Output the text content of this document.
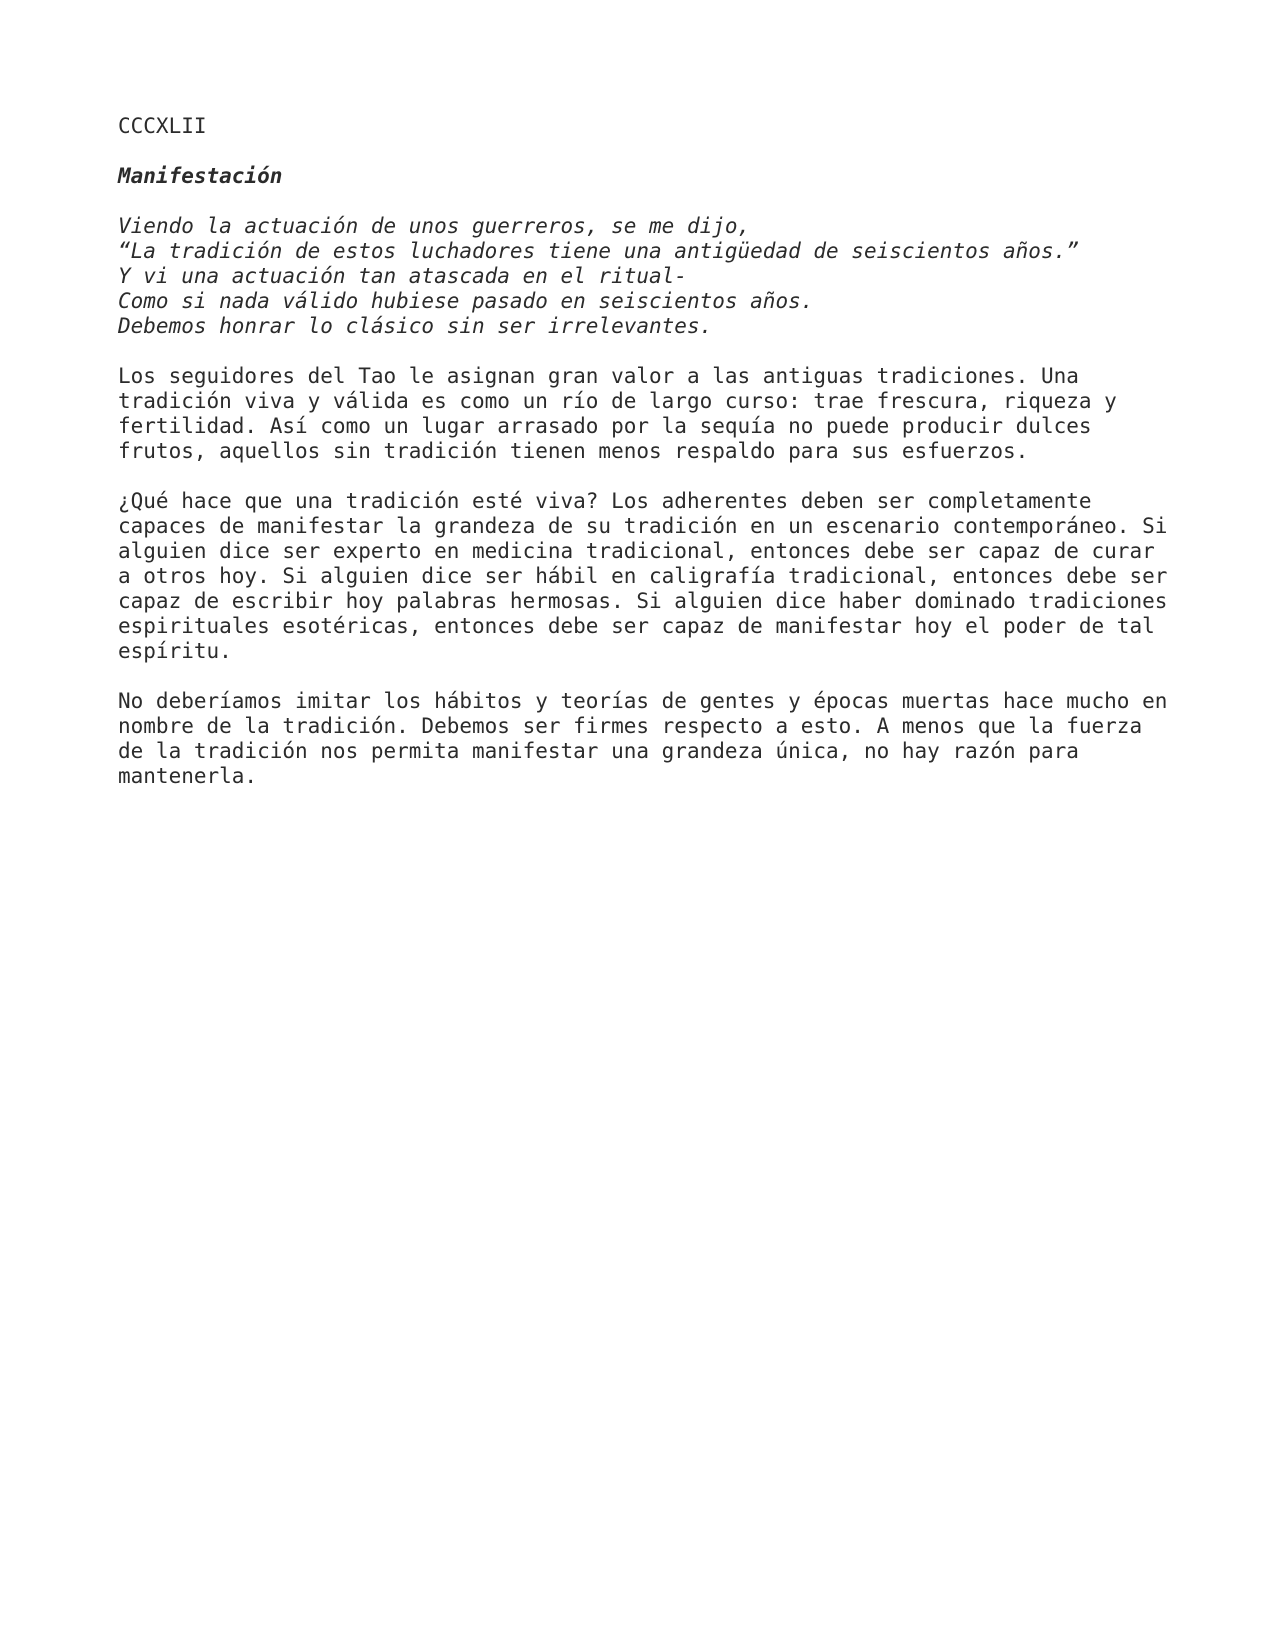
CCCXLII
Manifestación
Viendo la actuación de unos guerreros, se me dijo,
“La tradición de estos luchadores tiene una antigüedad de seiscientos años.”
Y vi una actuación tan atascada en el ritual-
Como si nada válido hubiese pasado en seiscientos años.
Debemos honrar lo clásico sin ser irrelevantes.
Los seguidores del Tao le asignan gran valor a las antiguas tradiciones. Una
tradición viva y válida es como un río de largo curso: trae frescura, riqueza y
fertilidad. Así como un lugar arrasado por la sequía no puede producir dulces
frutos, aquellos sin tradición tienen menos respaldo para sus esfuerzos.
¿Qué hace que una tradición esté viva? Los adherentes deben ser completamente
capaces de manifestar la grandeza de su tradición en un escenario contemporáneo. Si
alguien dice ser experto en medicina tradicional, entonces debe ser capaz de curar
a otros hoy. Si alguien dice ser hábil en caligrafía tradicional, entonces debe ser
capaz de escribir hoy palabras hermosas. Si alguien dice haber dominado tradiciones
espirituales esotéricas, entonces debe ser capaz de manifestar hoy el poder de tal
espíritu.
No deberíamos imitar los hábitos y teorías de gentes y épocas muertas hace mucho en
nombre de la tradición. Debemos ser firmes respecto a esto. A menos que la fuerza
de la tradición nos permita manifestar una grandeza única, no hay razón para
mantenerla.
